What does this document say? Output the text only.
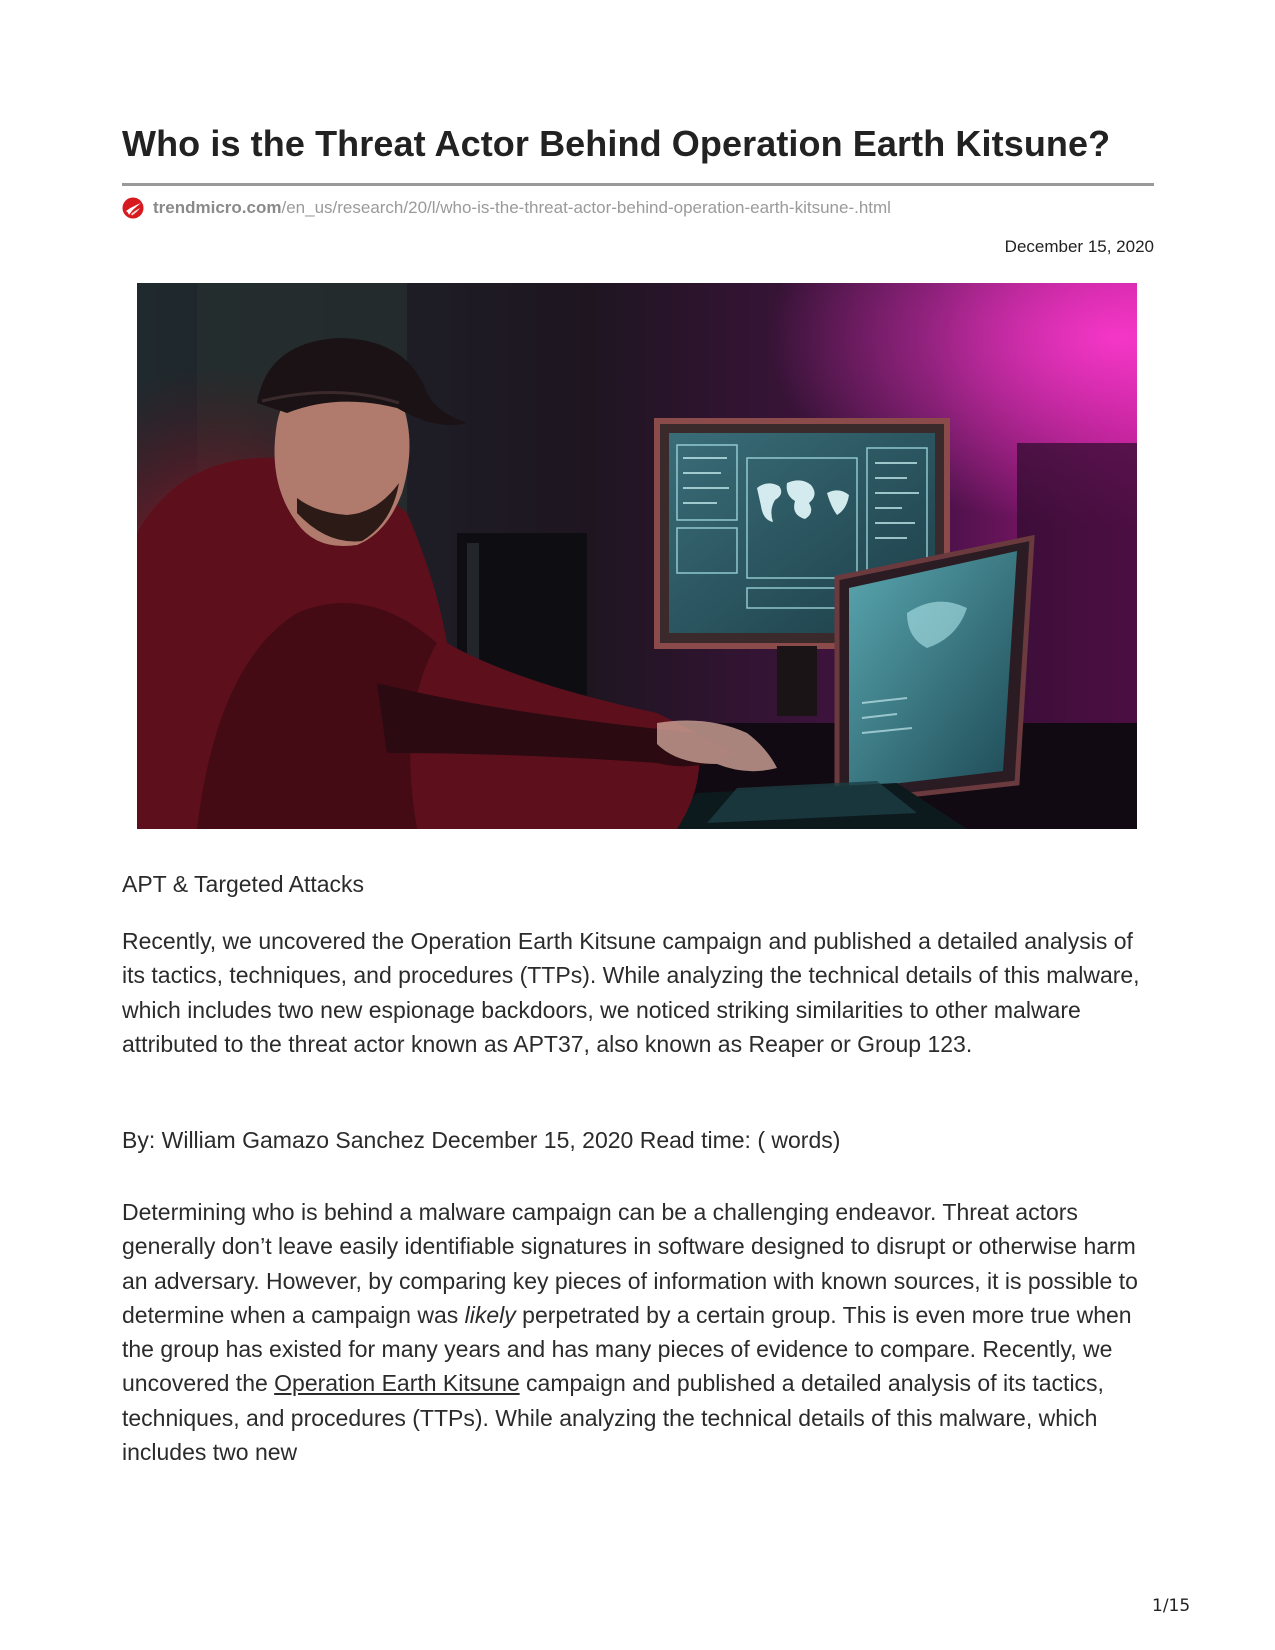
Who is the Threat Actor Behind Operation Earth Kitsune?
trendmicro.com /en_us/research/20/l/who-is-the-threat-actor-behind-operation-earth-kitsune-.html
December 15, 2020
APT & Targeted Attacks

Recently, we uncovered the Operation Earth Kitsune campaign and published a detailed analysis of its tactics, techniques, and procedures (TTPs). While analyzing the technical details of this malware, which includes two new espionage backdoors, we noticed striking similarities to other malware attributed to the threat actor known as APT37, also known as Reaper or Group 123.

By: William Gamazo Sanchez December 15, 2020 Read time: ( words)

Determining who is behind a malware campaign can be a challenging endeavor. Threat actors generally don’t leave easily identifiable signatures in software designed to disrupt or otherwise harm an adversary. However, by comparing key pieces of information with known sources, it is possible to determine when a campaign was likely perpetrated by a certain group. This is even more true when the group has existed for many years and has many pieces of evidence to compare. Recently, we uncovered the Operation Earth Kitsune campaign and published a detailed analysis of its tactics, techniques, and procedures (TTPs). While analyzing the technical details of this malware, which includes two new

1/15
